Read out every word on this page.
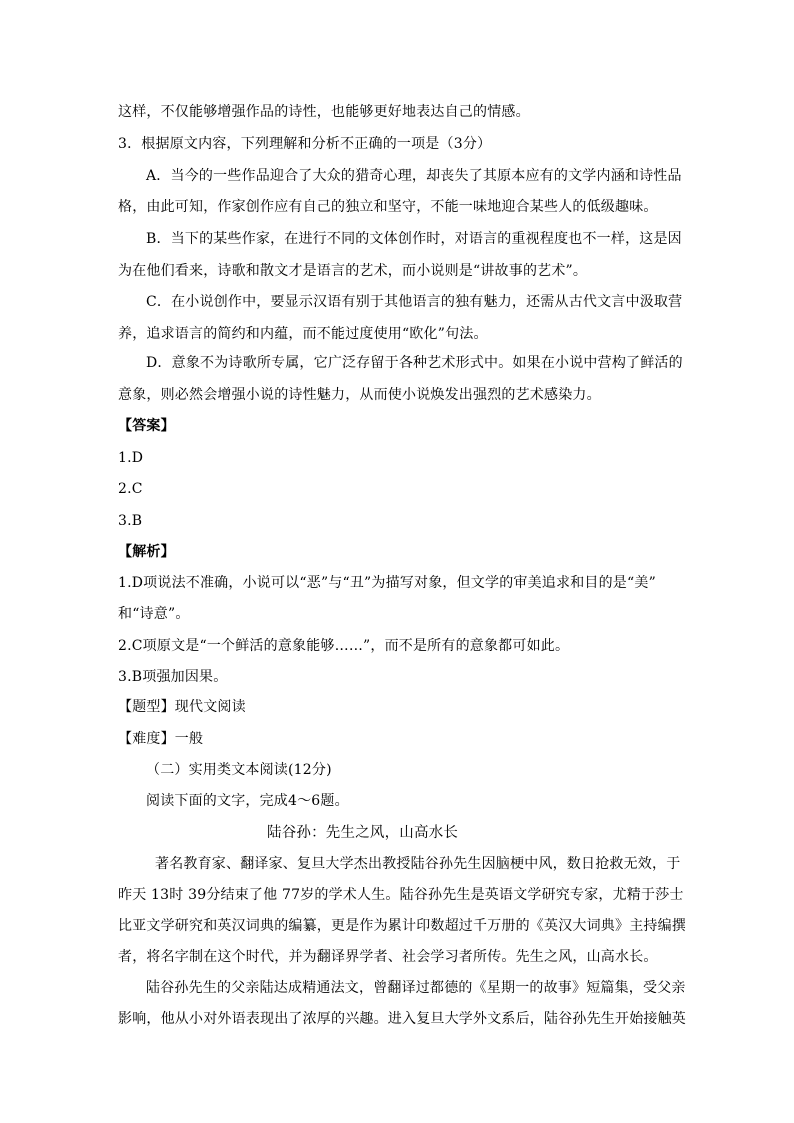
这样，不仅能够增强作品的诗性，也能够更好地表达自己的情感。
3．根据原文内容，下列理解和分析不正确的一项是（3分）
A．当今的一些作品迎合了大众的猎奇心理，却丧失了其原本应有的文学内涵和诗性品
格，由此可知，作家创作应有自己的独立和坚守，不能一味地迎合某些人的低级趣味。
B．当下的某些作家，在进行不同的文体创作时，对语言的重视程度也不一样，这是因
为在他们看来，诗歌和散文才是语言的艺术，而小说则是“讲故事的艺术”。
C．在小说创作中，要显示汉语有别于其他语言的独有魅力，还需从古代文言中汲取营
养，追求语言的简约和内蕴，而不能过度使用“欧化”句法。
D．意象不为诗歌所专属，它广泛存留于各种艺术形式中。如果在小说中营构了鲜活的
意象，则必然会增强小说的诗性魅力，从而使小说焕发出强烈的艺术感染力。
【答案】
1.D
2.C
3.B
【解析】
1.D项说法不准确，小说可以“恶”与“丑”为描写对象，但文学的审美追求和目的是“美”
和“诗意”。
2.C项原文是“一个鲜活的意象能够……”，而不是所有的意象都可如此。
3.B项强加因果。
【题型】现代文阅读
【难度】一般
（二）实用类文本阅读(12分)
阅读下面的文字，完成4～6题。
陆谷孙：先生之风，山高水长
著名教育家、翻译家、复旦大学杰出教授陆谷孙先生因脑梗中风，数日抢救无效，于
昨天 13时 39分结束了他 77岁的学术人生。陆谷孙先生是英语文学研究专家，尤精于莎士
比亚文学研究和英汉词典的编纂，更是作为累计印数超过千万册的《英汉大词典》主持编撰
者，将名字制在这个时代，并为翻译界学者、社会学习者所传。先生之风，山高水长。
陆谷孙先生的父亲陆达成精通法文，曾翻译过都德的《星期一的故事》短篇集，受父亲
影响，他从小对外语表现出了浓厚的兴趣。进入复旦大学外文系后，陆谷孙先生开始接触英
